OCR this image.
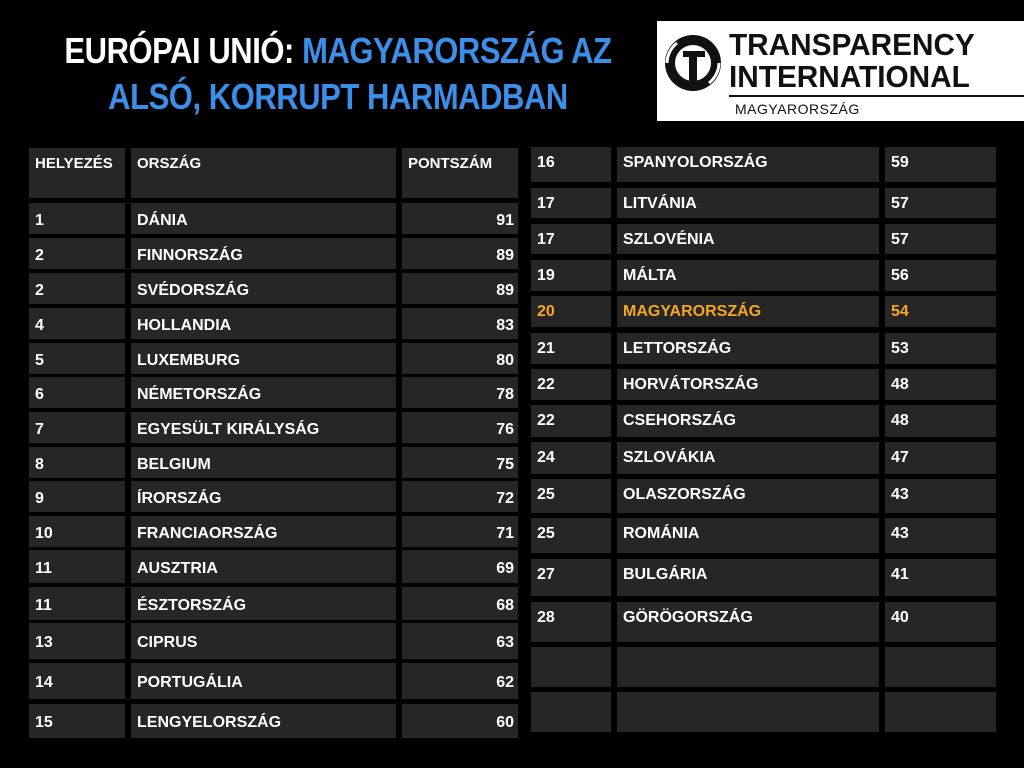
EURÓPAI UNIÓ: MAGYARORSZÁG AZ
ALSÓ, KORRUPT HARMADBAN
TRANSPARENCY
INTERNATIONAL
MAGYARORSZÁG
HELYEZÉS	ORSZÁG	PONTSZÁM
1	DÁNIA	91
2	FINNORSZÁG	89
2	SVÉDORSZÁG	89
4	HOLLANDIA	83
5	LUXEMBURG	80
6	NÉMETORSZÁG	78
7	EGYESÜLT KIRÁLYSÁG	76
8	BELGIUM	75
9	ÍRORSZÁG	72
10	FRANCIAORSZÁG	71
11	AUSZTRIA	69
11	ÉSZTORSZÁG	68
13	CIPRUS	63
14	PORTUGÁLIA	62
15	LENGYELORSZÁG	60
16	SPANYOLORSZÁG	59
17	LITVÁNIA	57
17	SZLOVÉNIA	57
19	MÁLTA	56
20	MAGYARORSZÁG	54
21	LETTORSZÁG	53
22	HORVÁTORSZÁG	48
22	CSEHORSZÁG	48
24	SZLOVÁKIA	47
25	OLASZORSZÁG	43
25	ROMÁNIA	43
27	BULGÁRIA	41
28	GÖRÖGORSZÁG	40
